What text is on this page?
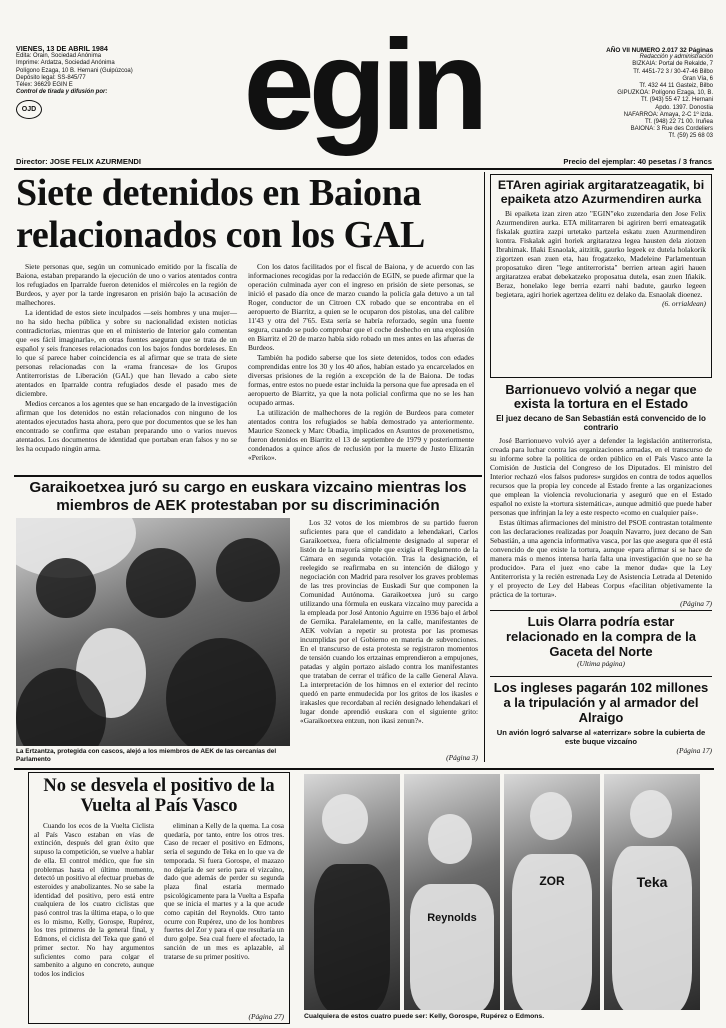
VIENES, 13 DE ABRIL 1984
Edita: Orain, Sociedad Anónima
Imprime: Ardatza, Sociedad Anónima
Polígono Ezaga, 10 B. Hernani (Guipúzcoa)
Depósito legal: SS-845/77
Télex: 36629 EGIN E
Control de tirada y difusión por:
OJD egin	AÑO VII NUMERO 2.017 32 Páginas
Redacción y administración
BIZKAIA: Portal de Rekalde, 7
Tf. 4451-72 3 / 30-47-46 Bilbo
Gran Vía, 6
Tf. 432 44 11 Gasteiz, Bilbo
GIPUZKOA: Polígono Ezaga, 10, B.
Tf. (943) 55 47 12. Hernani
Apdo. 1397. Donostia
NAFARROA: Amaya, 2-C 1º izda.
Tf. (948) 22 71 00. Iruñea
BAIONA: 3 Rue des Cordeliers
Tf. (59) 25 68 03
Director: JOSE FELIX AZURMENDI	Precio del ejemplar: 40 pesetas / 3 francs
Siete detenidos en Baiona relacionados con los GAL

Siete personas que, según un comunicado emitido por la fiscalía de Baiona, estaban preparando la ejecución de uno o varios atentados contra los refugiados en Iparralde fueron detenidos el miércoles en la región de Burdeos, y ayer por la tarde ingresaron en prisión bajo la acusación de malhechores.

La identidad de estos siete inculpados —seis hombres y una mujer— no ha sido hecha pública y sobre su nacionalidad existen noticias contradictorias, mientras que en el ministerio de Interior galo comentan que «es fácil imaginarla», en otras fuentes aseguran que se trata de un español y seis franceses relacionados con los bajos fondos bordeleses. En lo que sí parece haber coincidencia es al afirmar que se trata de siete personas relacionadas con la «rama francesa» de los Grupos Antiterroristas de Liberación (GAL) que han llevado a cabo siete atentados en Iparralde contra refugiados desde el pasado mes de diciembre.

Medios cercanos a los agentes que se han encargado de la investigación afirman que los detenidos no están relacionados con ninguno de los atentados ejecutados hasta ahora, pero que por documentos que se les han encontrado se confirma que estaban preparando uno o varios nuevos atentados. Los documentos de identidad que portaban eran falsos y no se les ha ocupado ningún arma.

Con los datos facilitados por el fiscal de Baiona, y de acuerdo con las informaciones recogidas por la redacción de EGIN, se puede afirmar que la operación culminada ayer con el ingreso en prisión de siete personas, se inició el pasado día once de marzo cuando la policía gala detuvo a un tal Roger, conductor de un Citroen CX robado que se encontraba en el aeropuerto de Biarritz, a quien se le ocuparon dos pistolas, una del calibre 11'43 y otra del 7'65. Esta sería se habría reforzado, según una fuente segura, cuando se pudo comprobar que el coche deshecho en una explosión en Biarritz el 20 de marzo había sido robado un mes antes en las afueras de Burdeos.

También ha podido saberse que los siete detenidos, todos con edades comprendidas entre los 30 y los 40 años, habían estado ya encarcelados en diversas prisiones de la región a excepción de la de Baiona. De todas formas, entre estos no puede estar incluida la persona que fue apresada en el aeropuerto de Biarritz, ya que la nota policial confirma que no se les han ocupado armas.

La utilización de malhechores de la región de Burdeos para cometer atentados contra los refugiados se había demostrado ya anteriormente. Maurice Szoneck y Marc Obadia, implicados en Asuntos de proxenetismo, fueron detenidos en Biarritz el 13 de septiembre de 1979 y posteriormente condenados a quince años de reclusión por la muerte de Justo Elizarán «Periko».

ETAren agiriak argitaratzeagatik, bi epaiketa atzo Azurmendiren aurka

Bi epaiketa izan ziren atzo "EGIN"eko zuzendaria den Jose Felix Azurmendiren aurka. ETA militarraren bi agiriren berri emateagatik fiskalak guztira zazpi urtetako partzela eskatu zuen Azurmendiren kontra. Fiskalak agiri horiek argitaratzea legea hausten dela ziotzen Ibrahimak. Iñaki Esnaolak, aitzitik, gaurko legeek ez dutela holakorik zigortzen esan zuen eta, hau frogatzeko, Madeleine Parlamentuan proposatuko diren "lege antiterrorista" berrien artean agiri hauen argitaratzea erabat debekatzeko proposatua dutela, esan zuen Iñakik. Beraz, honelako lege berria ezarri nahi badute, gaurko legeen begietara, agiri horiek agertzea delitu ez delako da. Esnaolak dioenez.

(6. orrialdean)
Barrionuevo volvió a negar que exista la tortura en el Estado
El juez decano de San Sebastián está convencido de lo contrario

José Barrionuevo volvió ayer a defender la legislación antiterrorista, creada para luchar contra las organizaciones armadas, en el transcurso de su informe sobre la política de orden público en el País Vasco ante la Comisión de Justicia del Congreso de los Diputados. El ministro del Interior rechazó «los falsos pudores» surgidos en contra de todos aquellos recursos que la propia ley concede al Estado frente a las organizaciones que emplean la violencia revolucionaria y aseguró que en el Estado español no existe la «tortura sistemática», aunque admitió que puede haber personas que infrinjan la ley a este respecto «como en cualquier país».

Estas últimas afirmaciones del ministro del PSOE contrastan totalmente con las declaraciones realizadas por Joaquín Navarro, juez decano de San Sebastián, a una agencia informativa vasca, por las que asegura que él está convencido de que existe la tortura, aunque «para afirmar si se hace de manera más o menos intensa haría falta una investigación que no se ha producido». Para el juez «no cabe la menor duda» que la Ley Antiterrorista y la recién estrenada Ley de Asistencia Letrada al Detenido y el proyecto de Ley del Habeas Corpus «facilitan objetivamente la práctica de la tortura».

(Página 7)
Luis Olarra podría estar relacionado en la compra de la Gaceta del Norte
(Ultima página)
Los ingleses pagarán 102 millones a la tripulación y al armador del Alraigo
Un avión logró salvarse al «aterrizar» sobre la cubierta de este buque vizcaíno
(Página 17)
Garaikoetxea juró su cargo en euskara vizcaino mientras los miembros de AEK protestaban por su discriminación
La Ertzantza, protegida con cascos, alejó a los miembros de AEK de las cercanías del Parlamento

Los 32 votos de los miembros de su partido fueron suficientes para que el candidato a lehendakari, Carlos Garaikoetxea, fuera oficialmente designado al superar el listón de la mayoría simple que exigía el Reglamento de la Cámara en segunda votación. Tras la designación, el reelegido se reafirmaba en su intención de diálogo y negociación con Madrid para resolver los graves problemas de las tres provincias de Euskadi Sur que componen la Comunidad Autónoma. Garaikoetxea juró su cargo utilizando una fórmula en euskara vizcaíno muy parecida a la empleada por José Antonio Aguirre en 1936 bajo el árbol de Gernika. Paralelamente, en la calle, manifestantes de AEK volvían a repetir su protesta por las promesas incumplidas por el Gobierno en materia de subvenciones. En el transcurso de esta protesta se registraron momentos de tensión cuando los ertzainas emprendieron a empujones, patadas y algún portazo aislado contra los manifestantes que trataban de cerrar el tráfico de la calle General Alava. La interpretación de los himnos en el exterior del recinto quedó en parte enmudecida por los gritos de los ikasles e irakasles que recordaban al recién designado lehendakari el lugar donde aprendió euskara con el siguiente grito: «Garaikoetxea entzun, non ikasi zenun?».

(Página 3)
No se desvela el positivo de la Vuelta al País Vasco

Cuando los ecos de la Vuelta Ciclista al País Vasco estaban en vías de extinción, después del gran éxito que supuso la competición, se vuelve a hablar de ella. El control médico, que fue sin problemas hasta el último momento, detectó un positivo al efectuar pruebas de esteroides y anabolizantes. No se sabe la identidad del positivo, pero está entre cualquiera de los cuatro ciclistas que pasó control tras la última etapa, o lo que es lo mismo, Kelly, Gorospe, Rupérez, los tres primeros de la general final, y Edmons, el ciclista del Teka que ganó el primer sector. No hay argumentos suficientes como para colgar el sambenito a alguno en concreto, aunque todos los indicios

eliminan a Kelly de la quema. La cosa quedaría, por tanto, entre los otros tres. Caso de recaer el positivo en Edmons, sería el segundo de Teka en lo que va de temporada. Si fuera Gorospe, el mazazo no dejaría de ser serio para el vizcaíno, dado que además de perder su segunda plaza final estaría mermado psicológicamente para la Vuelta a España que se inicia el martes y a la que acude como capitán del Reynolds. Otro tanto ocurre con Rupérez, uno de los hombres fuertes del Zor y para el que resultaría un duro golpe. Sea cual fuere el afectado, la sanción de un mes es aplazable, al tratarse de su primer positivo.

(Página 27)
Reynolds
ZOR	Teka
Cualquiera de estos cuatro puede ser: Kelly, Gorospe, Rupérez o Edmons.
